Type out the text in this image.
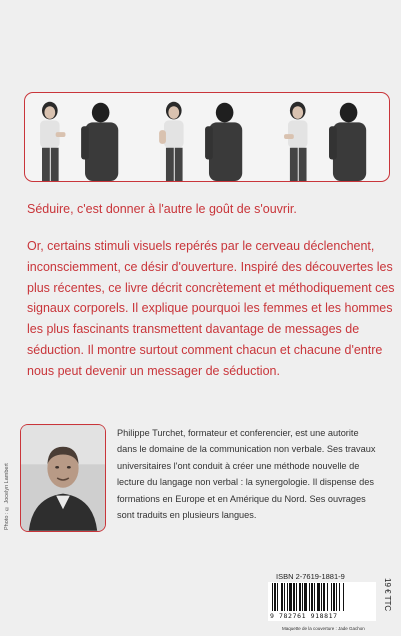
Séduire, c'est donner à l'autre le goût de s'ouvrir.
Or, certains stimuli visuels repérés par le cerveau déclenchent,
inconsciemment, ce désir d'ouverture. Inspiré des découvertes les
plus récentes, ce livre décrit concrètement et méthodiquement ces
signaux corporels. Il explique pourquoi les femmes et les hommes
les plus fascinants transmettent davantage de messages de
séduction. Il montre surtout comment chacun et chacune d'entre
nous peut devenir un messager de séduction.
Photo : © Jocelyn Lambert
Philippe Turchet, formateur et conferencier, est une autorite
dans le domaine de la communication non verbale. Ses travaux
universitaires l'ont conduit à créer une méthode nouvelle de
lecture du langage non verbal : la synergologie. Il dispense des
formations en Europe et en Amérique du Nord. Ses ouvrages
sont traduits en plusieurs langues.
ISBN 2-7619-1881-9
9 782761 918817
19 € TTC
Maquette de la couverture : Jade Gachon
